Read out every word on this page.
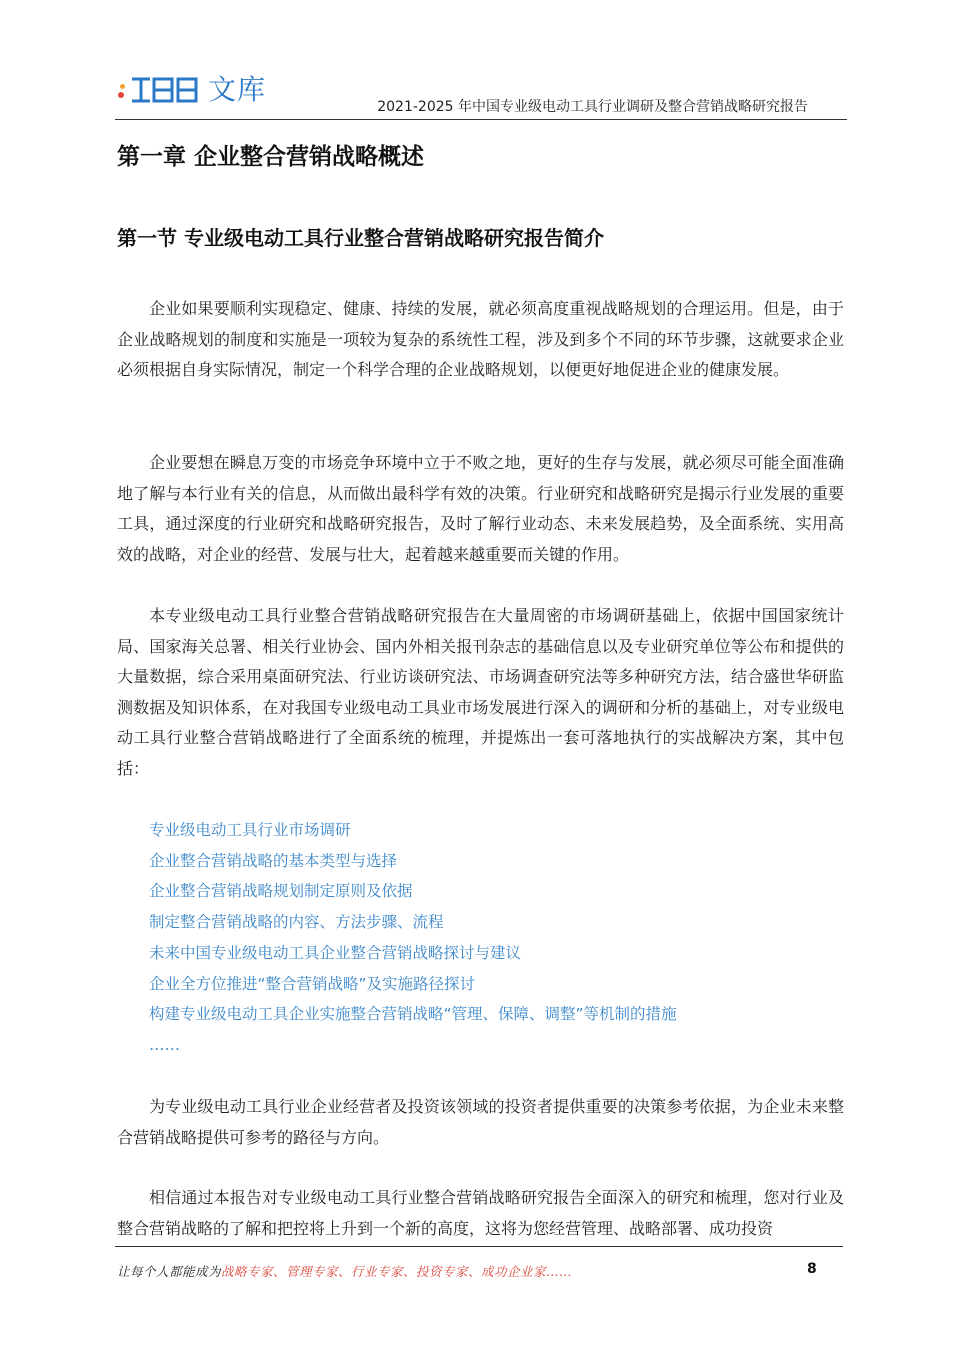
文库
2021-2025 年中国专业级电动工具行业调研及整合营销战略研究报告
第一章 企业整合营销战略概述
第一节 专业级电动工具行业整合营销战略研究报告简介

企业如果要顺利实现稳定、健康、持续的发展，就必须高度重视战略规划的合理运用。但是，由于企业战略规划的制度和实施是一项较为复杂的系统性工程，涉及到多个不同的环节步骤，这就要求企业必须根据自身实际情况，制定一个科学合理的企业战略规划，以便更好地促进企业的健康发展。

企业要想在瞬息万变的市场竞争环境中立于不败之地，更好的生存与发展，就必须尽可能全面准确地了解与本行业有关的信息，从而做出最科学有效的决策。行业研究和战略研究是揭示行业发展的重要工具，通过深度的行业研究和战略研究报告，及时了解行业动态、未来发展趋势，及全面系统、实用高效的战略，对企业的经营、发展与壮大，起着越来越重要而关键的作用。

本专业级电动工具行业整合营销战略研究报告在大量周密的市场调研基础上，依据中国国家统计局、国家海关总署、相关行业协会、国内外相关报刊杂志的基础信息以及专业研究单位等公布和提供的大量数据，综合采用桌面研究法、行业访谈研究法、市场调查研究法等多种研究方法，结合盛世华研监测数据及知识体系，在对我国专业级电动工具业市场发展进行深入的调研和分析的基础上，对专业级电动工具行业整合营销战略进行了全面系统的梳理，并提炼出一套可落地执行的实战解决方案，其中包括：

专业级电动工具行业市场调研
企业整合营销战略的基本类型与选择
企业整合营销战略规划制定原则及依据
制定整合营销战略的内容、方法步骤、流程
未来中国专业级电动工具企业整合营销战略探讨与建议
企业全方位推进“整合营销战略”及实施路径探讨
构建专业级电动工具企业实施整合营销战略“管理、保障、调整”等机制的措施
……

为专业级电动工具行业企业经营者及投资该领域的投资者提供重要的决策参考依据，为企业未来整合营销战略提供可参考的路径与方向。

相信通过本报告对专业级电动工具行业整合营销战略研究报告全面深入的研究和梳理，您对行业及整合营销战略的了解和把控将上升到一个新的高度，这将为您经营管理、战略部署、成功投资

让每个人都能成为战略专家、管理专家、行业专家、投资专家、成功企业家……	8
